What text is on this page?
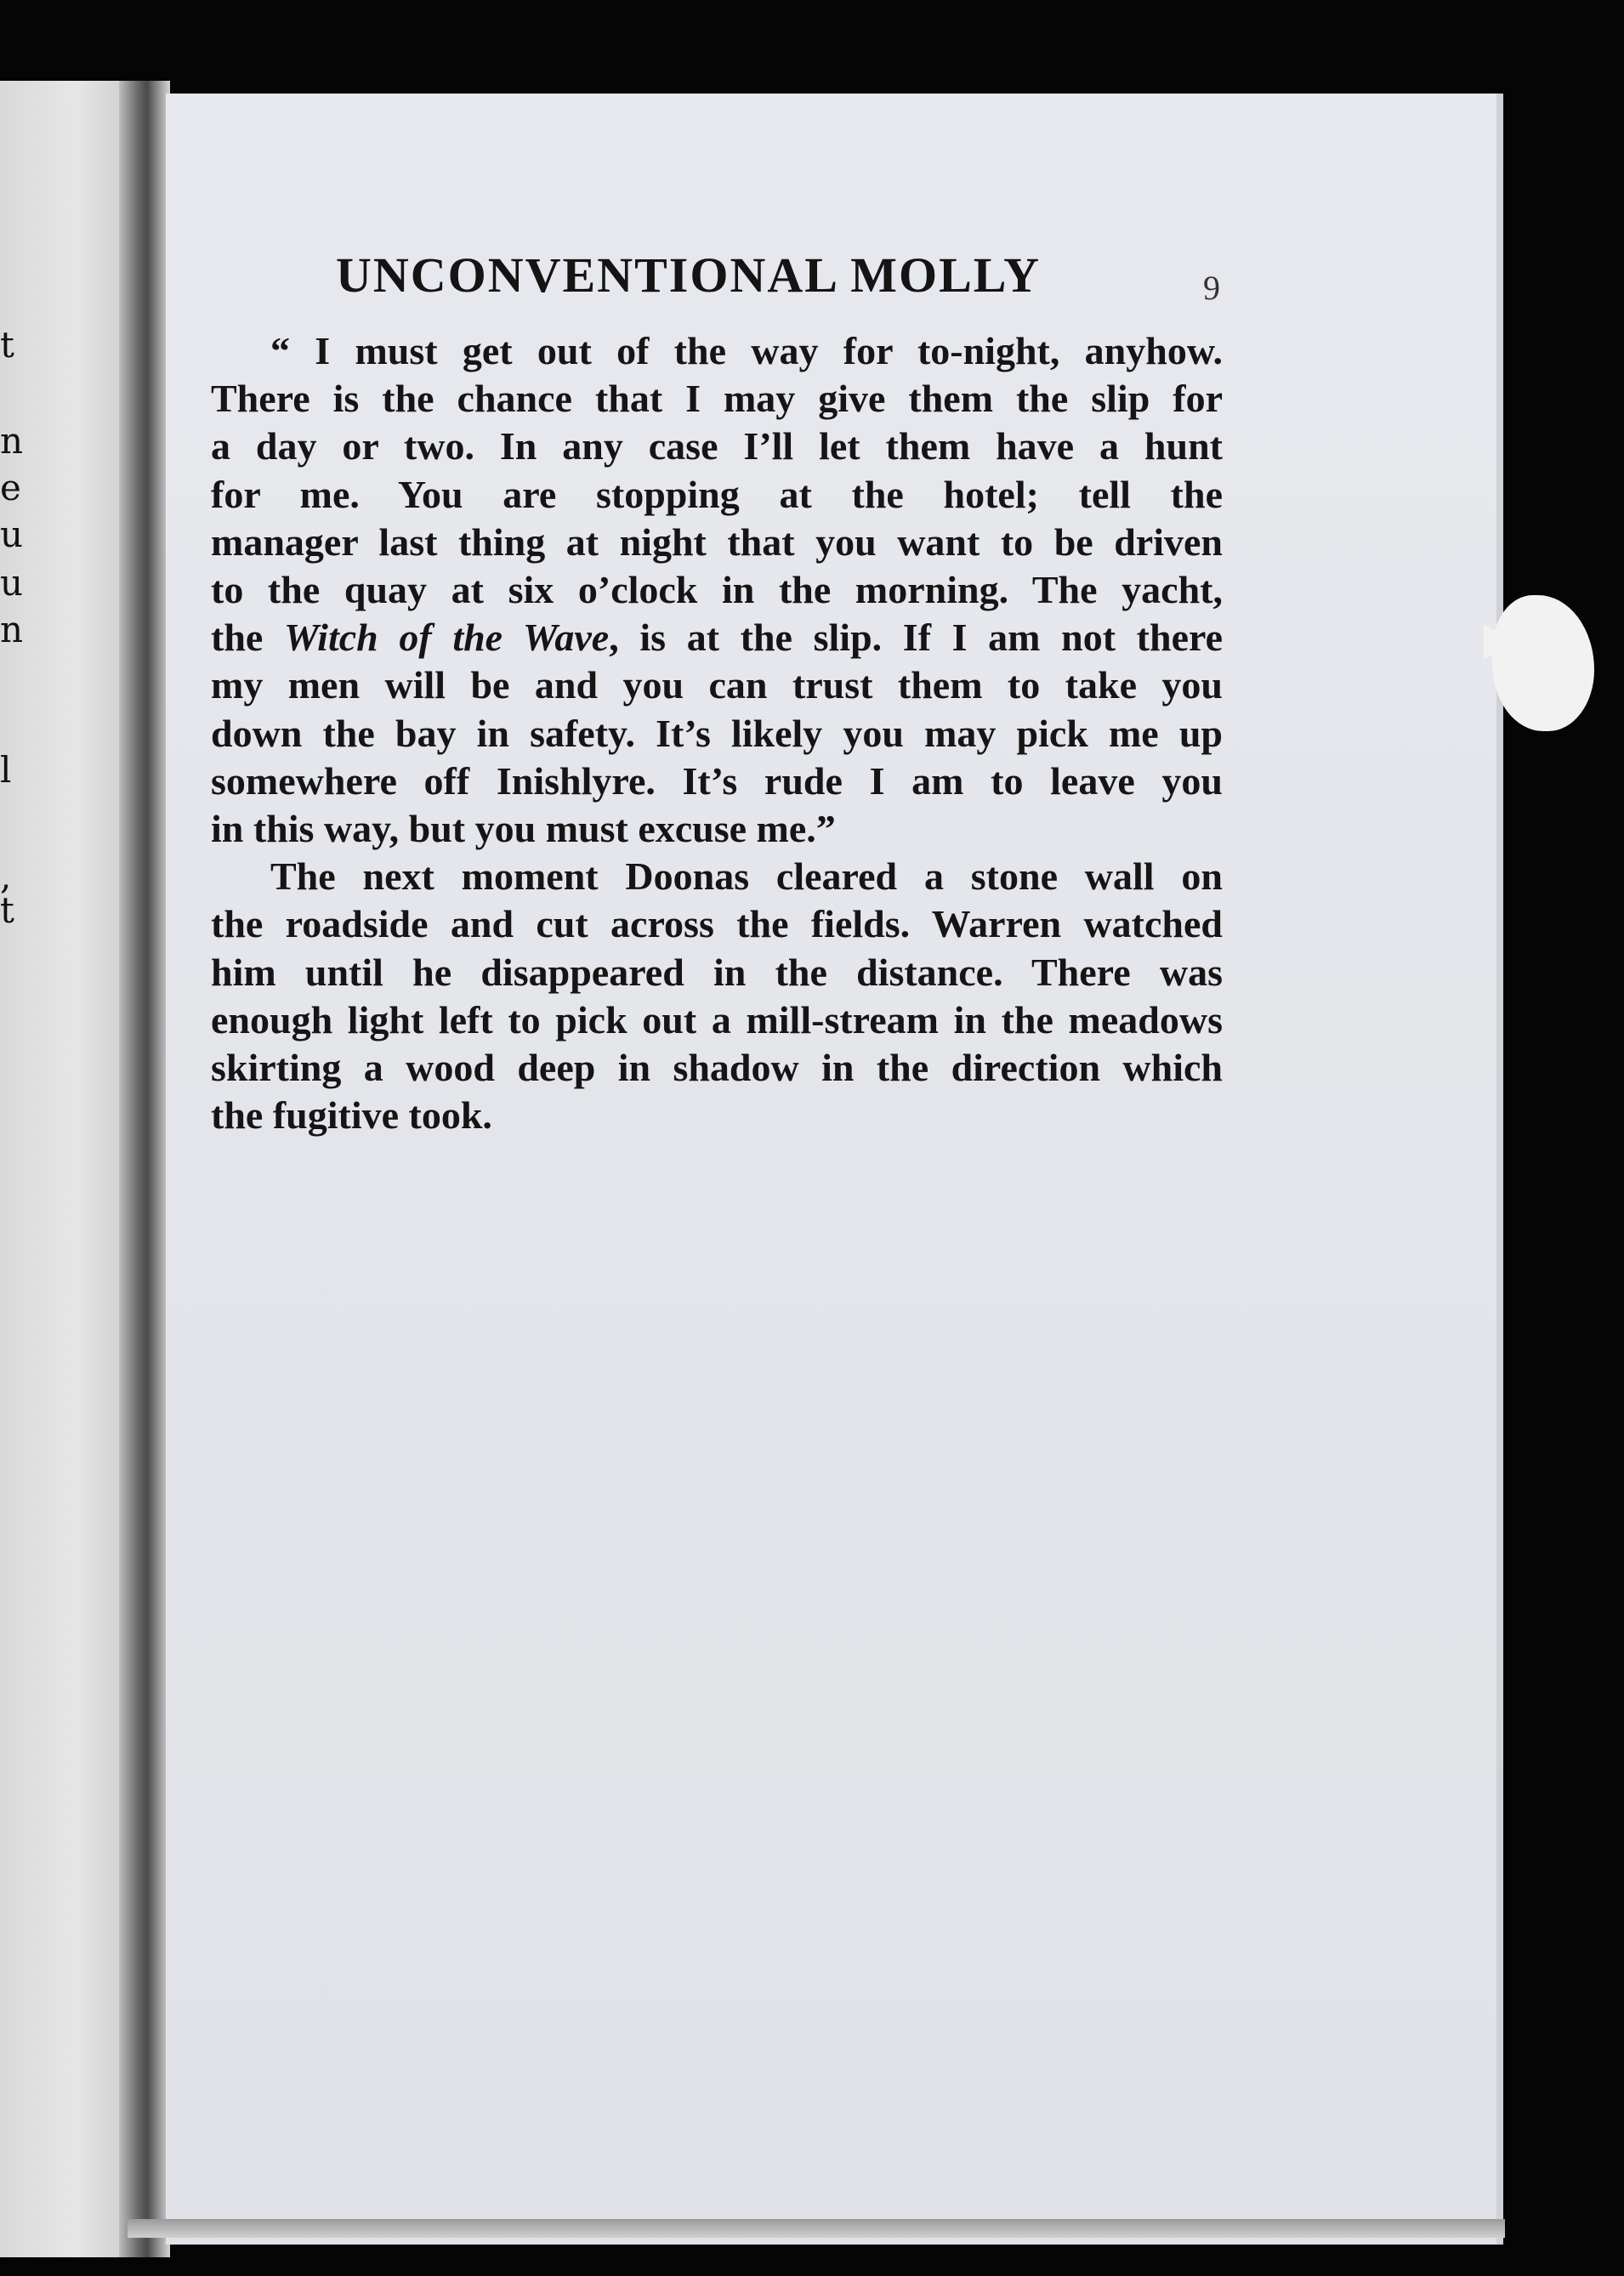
t
n
e
u
u
n
l
,
t
UNCONVENTIONAL MOLLY	9
“ I must get out of the way for to-night, anyhow.
There is the chance that I may give them the slip for
a day or two. In any case I’ll let them have a hunt
for me. You are stopping at the hotel; tell the
manager last thing at night that you want to be driven
to the quay at six o’clock in the morning. The yacht,
the Witch of the Wave, is at the slip. If I am not there
my men will be and you can trust them to take you
down the bay in safety. It’s likely you may pick me up
somewhere off Inishlyre. It’s rude I am to leave you
in this way, but you must excuse me.”
The next moment Doonas cleared a stone wall on
the roadside and cut across the fields. Warren watched
him until he disappeared in the distance. There was
enough light left to pick out a mill-stream in the meadows
skirting a wood deep in shadow in the direction which
the fugitive took.
